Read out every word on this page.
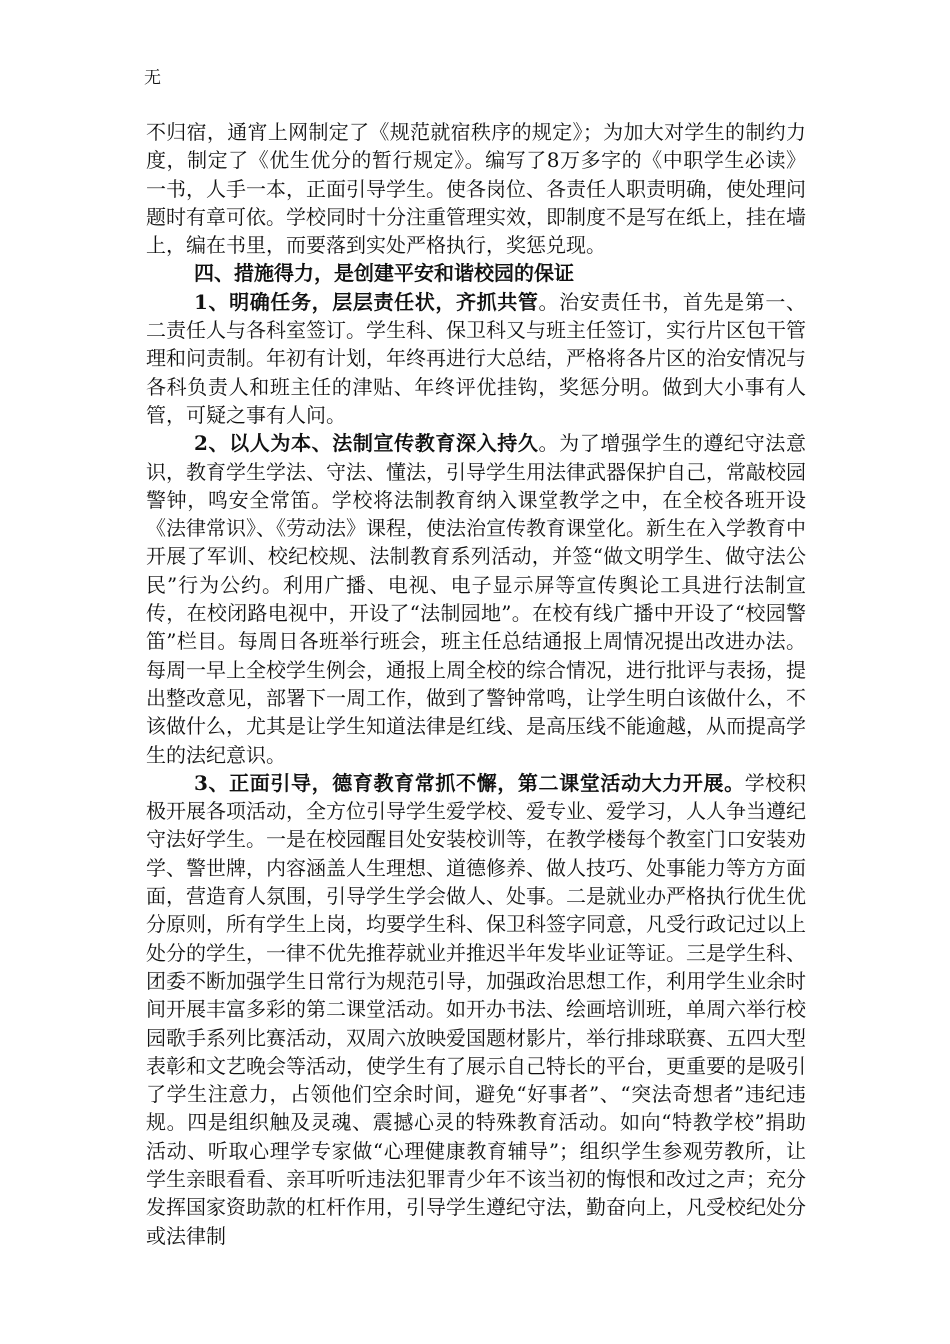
无

不归宿，通宵上网制定了《规范就宿秩序的规定》；为加大对学生的制约力度，制定了《优生优分的暂行规定》。编写了8万多字的《中职学生必读》一书，人手一本，正面引导学生。使各岗位、各责任人职责明确，使处理问题时有章可依。学校同时十分注重管理实效，即制度不是写在纸上，挂在墙上，编在书里，而要落到实处严格执行，奖惩兑现。

四、措施得力，是创建平安和谐校园的保证

1、明确任务，层层责任状，齐抓共管。治安责任书，首先是第一、二责任人与各科室签订。学生科、保卫科又与班主任签订，实行片区包干管理和问责制。年初有计划，年终再进行大总结，严格将各片区的治安情况与各科负责人和班主任的津贴、年终评优挂钩，奖惩分明。做到大小事有人管，可疑之事有人问。

2、以人为本、法制宣传教育深入持久。为了增强学生的遵纪守法意识，教育学生学法、守法、懂法，引导学生用法律武器保护自己，常敲校园警钟，鸣安全常笛。学校将法制教育纳入课堂教学之中，在全校各班开设《法律常识》、《劳动法》课程，使法治宣传教育课堂化。新生在入学教育中开展了军训、校纪校规、法制教育系列活动，并签“做文明学生、做守法公民”行为公约。利用广播、电视、电子显示屏等宣传舆论工具进行法制宣传，在校闭路电视中，开设了“法制园地”。在校有线广播中开设了“校园警笛”栏目。每周日各班举行班会，班主任总结通报上周情况提出改进办法。每周一早上全校学生例会，通报上周全校的综合情况，进行批评与表扬，提出整改意见，部署下一周工作，做到了警钟常鸣，让学生明白该做什么，不该做什么，尤其是让学生知道法律是红线、是高压线不能逾越，从而提高学生的法纪意识。

3、正面引导，德育教育常抓不懈，第二课堂活动大力开展。学校积极开展各项活动，全方位引导学生爱学校、爱专业、爱学习，人人争当遵纪守法好学生。一是在校园醒目处安装校训等，在教学楼每个教室门口安装劝学、警世牌，内容涵盖人生理想、道德修养、做人技巧、处事能力等方方面面，营造育人氛围，引导学生学会做人、处事。二是就业办严格执行优生优分原则，所有学生上岗，均要学生科、保卫科签字同意，凡受行政记过以上处分的学生，一律不优先推荐就业并推迟半年发毕业证等证。三是学生科、团委不断加强学生日常行为规范引导，加强政治思想工作，利用学生业余时间开展丰富多彩的第二课堂活动。如开办书法、绘画培训班，单周六举行校园歌手系列比赛活动，双周六放映爱国题材影片，举行排球联赛、五四大型表彰和文艺晚会等活动，使学生有了展示自己特长的平台，更重要的是吸引了学生注意力，占领他们空余时间，避免“好事者”、“突法奇想者”违纪违规。四是组织触及灵魂、震撼心灵的特殊教育活动。如向“特教学校”捐助活动、听取心理学专家做“心理健康教育辅导”；组织学生参观劳教所，让学生亲眼看看、亲耳听听违法犯罪青少年不该当初的悔恨和改过之声；充分发挥国家资助款的杠杆作用，引导学生遵纪守法，勤奋向上，凡受校纪处分或法律制
